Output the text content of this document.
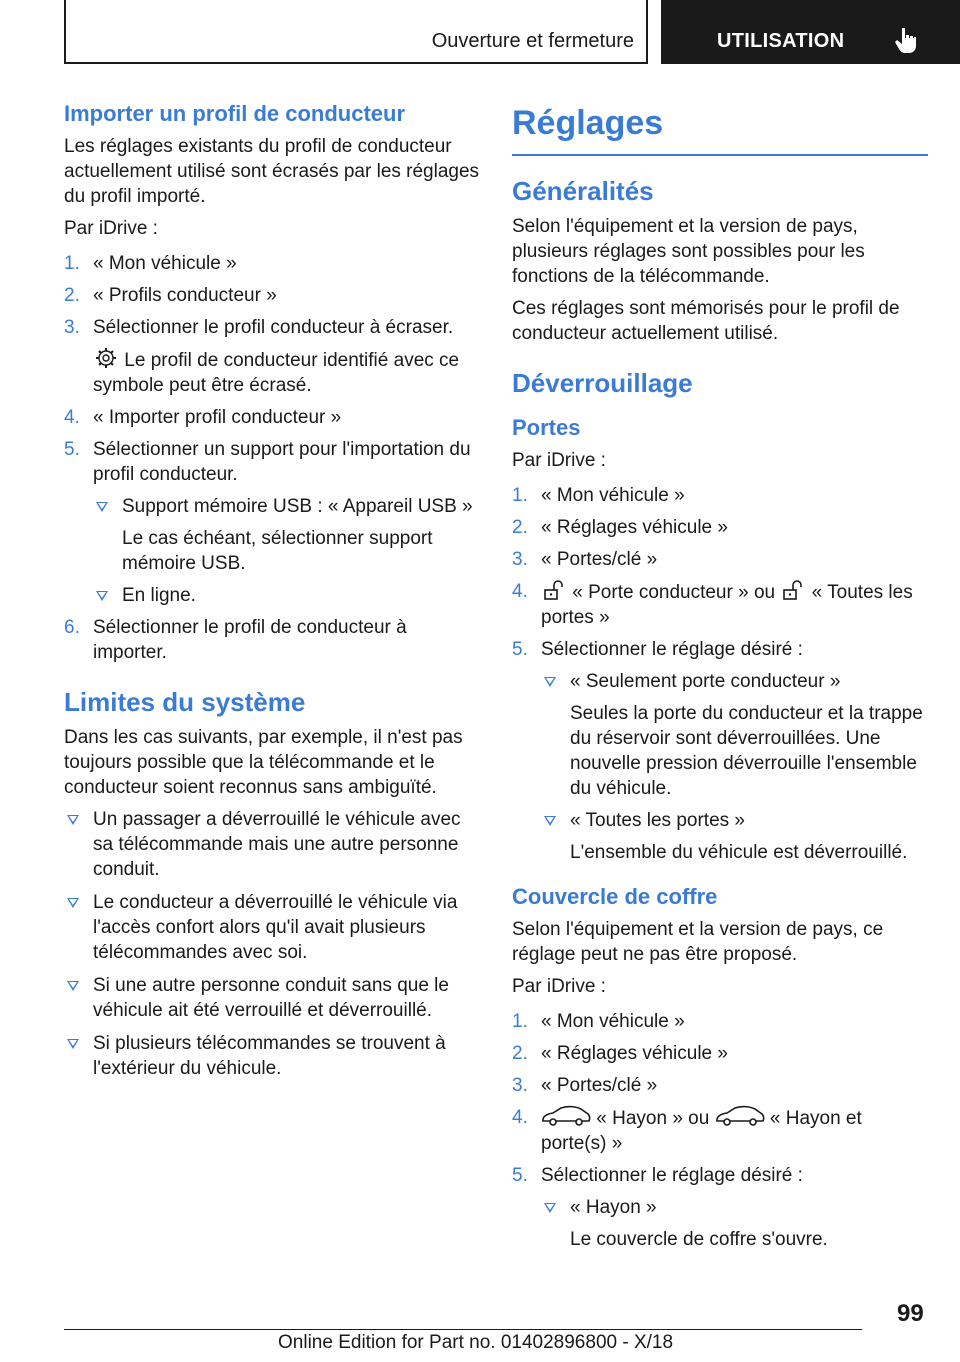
Ouverture et fermeture	UTILISATION

Importer un profil de conducteur

Les réglages existants du profil de conducteur actuellement utilisé sont écrasés par les réglages du profil importé.

Par iDrive :

1. « Mon véhicule »
2. « Profils conducteur »
3. Sélectionner le profil conducteur à écraser.
Le profil de conducteur identifié avec ce symbole peut être écrasé.
4. « Importer profil conducteur »
5. Sélectionner un support pour l'importation du profil conducteur.
Support mémoire USB : « Appareil USB »
Le cas échéant, sélectionner support mémoire USB.
En ligne.
6. Sélectionner le profil de conducteur à importer.

Limites du système

Dans les cas suivants, par exemple, il n'est pas toujours possible que la télécommande et le conducteur soient reconnus sans ambiguïté.

Un passager a déverrouillé le véhicule avec sa télécommande mais une autre personne conduit.
Le conducteur a déverrouillé le véhicule via l'accès confort alors qu'il avait plusieurs télécommandes avec soi.
Si une autre personne conduit sans que le véhicule ait été verrouillé et déverrouillé.
Si plusieurs télécommandes se trouvent à l'extérieur du véhicule.

Réglages

Généralités

Selon l'équipement et la version de pays, plusieurs réglages sont possibles pour les fonctions de la télécommande.

Ces réglages sont mémorisés pour le profil de conducteur actuellement utilisé.

Déverrouillage

Portes

Par iDrive :

1. « Mon véhicule »
2. « Réglages véhicule »
3. « Portes/clé »
4. « Porte conducteur » ou « Toutes les portes »
5. Sélectionner le réglage désiré :
« Seulement porte conducteur »
Seules la porte du conducteur et la trappe du réservoir sont déverrouillées. Une nouvelle pression déverrouille l'ensemble du véhicule.
« Toutes les portes »
L'ensemble du véhicule est déverrouillé.

Couvercle de coffre

Selon l'équipement et la version de pays, ce réglage peut ne pas être proposé.

Par iDrive :

1. « Mon véhicule »
2. « Réglages véhicule »
3. « Portes/clé »
4.	« Hayon » ou	« Hayon et porte(s) »
5. Sélectionner le réglage désiré :
« Hayon »
Le couvercle de coffre s'ouvre.
99
Online Edition for Part no. 01402896800 - X/18
